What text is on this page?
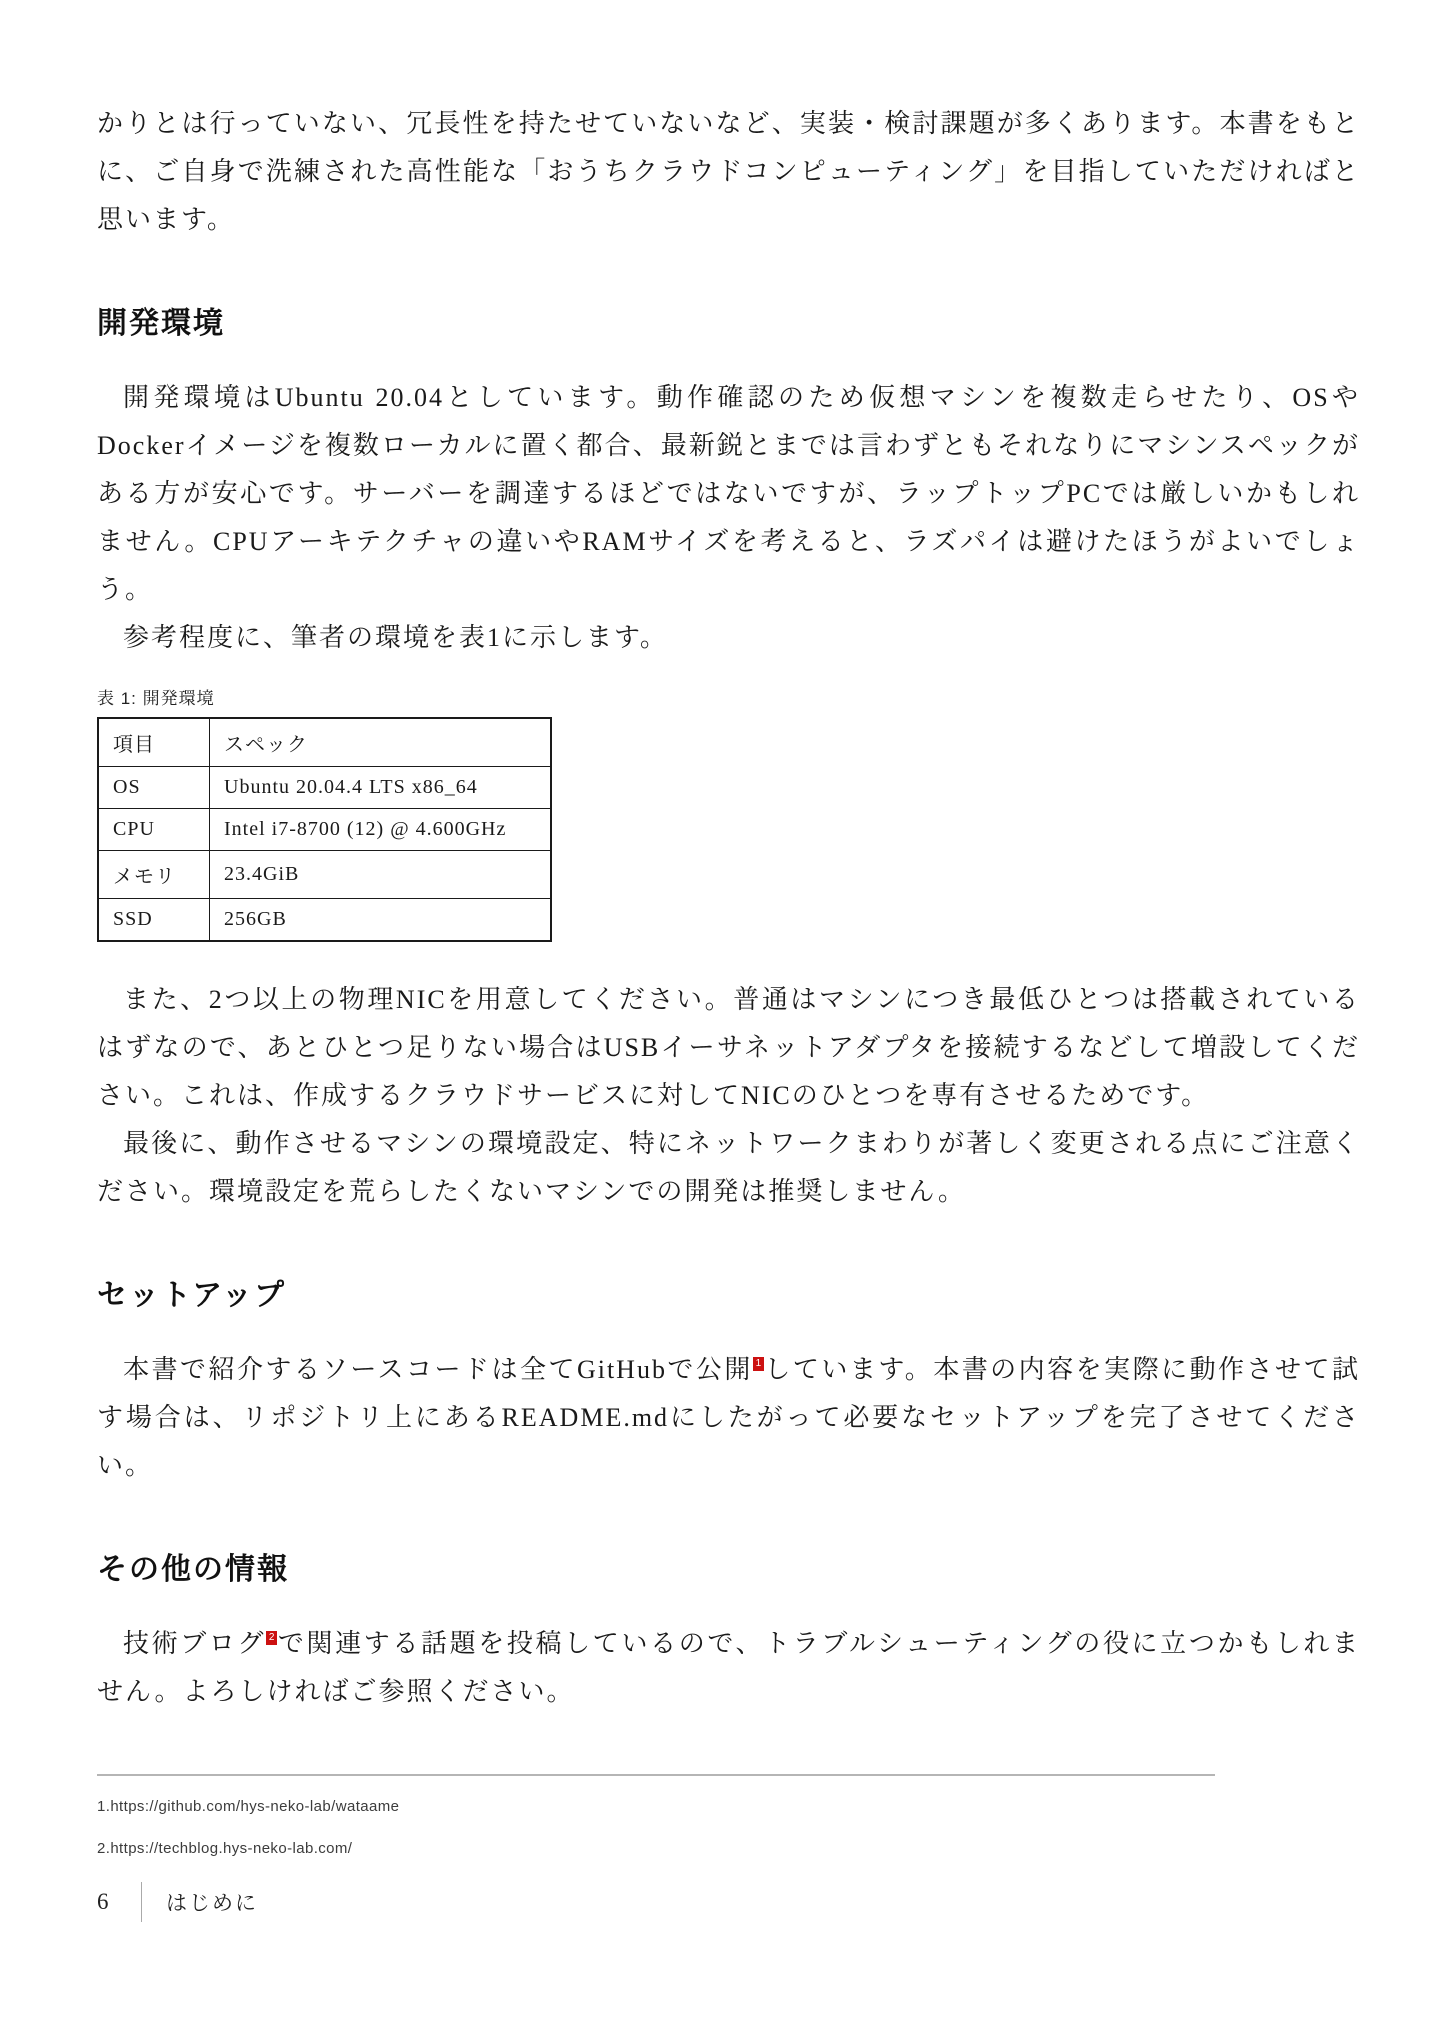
かりとは行っていない、冗長性を持たせていないなど、実装・検討課題が多くあります。本書をもとに、ご自身で洗練された高性能な「おうちクラウドコンピューティング」を目指していただければと思います。

開発環境

開発環境はUbuntu 20.04としています。動作確認のため仮想マシンを複数走らせたり、OSやDockerイメージを複数ローカルに置く都合、最新鋭とまでは言わずともそれなりにマシンスペックがある方が安心です。サーバーを調達するほどではないですが、ラップトップPCでは厳しいかもしれません。CPUアーキテクチャの違いやRAMサイズを考えると、ラズパイは避けたほうがよいでしょう。

参考程度に、筆者の環境を表1に示します。

表 1: 開発環境
項目	スペック
OS	Ubuntu 20.04.4 LTS x86_64
CPU	Intel i7-8700 (12) @ 4.600GHz
メモリ	23.4GiB
SSD	256GB

また、2つ以上の物理NICを用意してください。普通はマシンにつき最低ひとつは搭載されているはずなので、あとひとつ足りない場合はUSBイーサネットアダプタを接続するなどして増設してください。これは、作成するクラウドサービスに対してNICのひとつを専有させるためです。

最後に、動作させるマシンの環境設定、特にネットワークまわりが著しく変更される点にご注意ください。環境設定を荒らしたくないマシンでの開発は推奨しません。

セットアップ

本書で紹介するソースコードは全てGitHubで公開 1 しています。本書の内容を実際に動作させて試す場合は、リポジトリ上にあるREADME.mdにしたがって必要なセットアップを完了させてください。

その他の情報

技術ブログ 2 で関連する話題を投稿しているので、トラブルシューティングの役に立つかもしれません。よろしければご参照ください。

1.https://github.com/hys-neko-lab/wataame
2.https://techblog.hys-neko-lab.com/
6	はじめに
